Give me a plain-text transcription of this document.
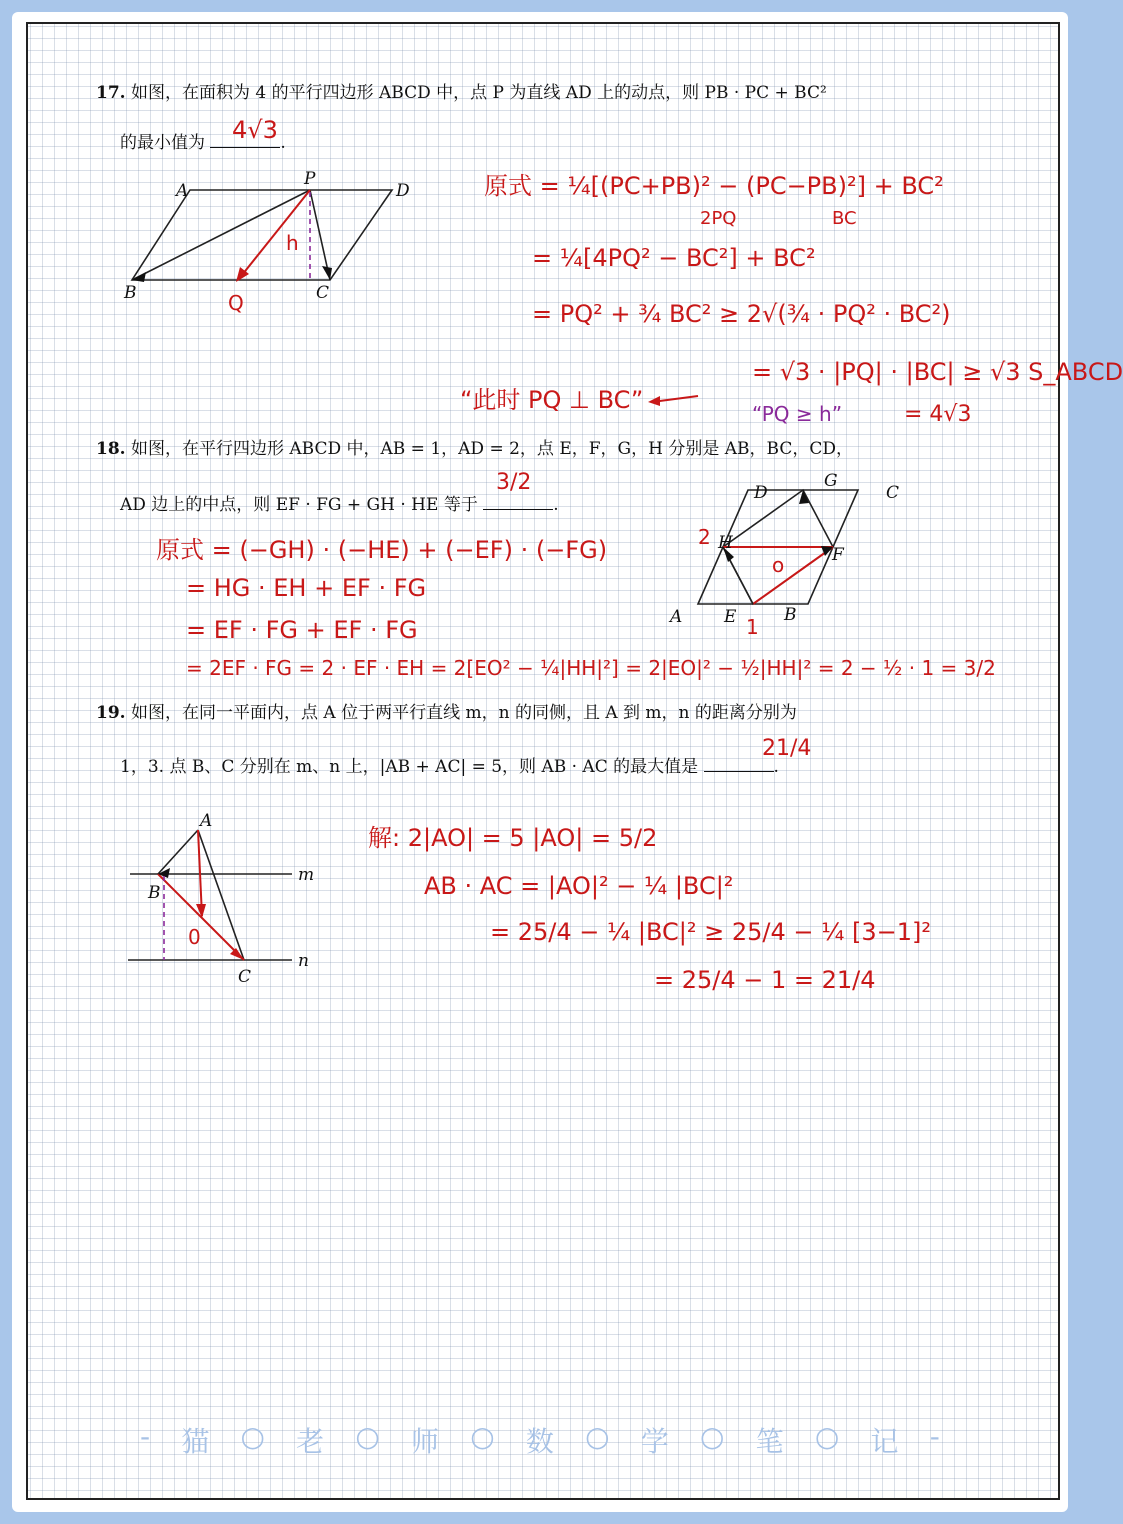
17. 如图，在面积为 4 的平行四边形 ABCD 中，点 P 为直线 AD 上的动点，则 PB · PC + BC²
的最小值为	.
4√3
A
P
D
B	C
Q
h
原式 = ¼[(PC+PB)² − (PC−PB)²] + BC²
2PQ	BC
= ¼[4PQ² − BC²] + BC²
= PQ² + ¾ BC² ≥ 2√(¾ · PQ² · BC²)
= √3 · |PQ| · |BC| ≥ √3 S_ABCD
“PQ ≥ h”	= 4√3
“此时 PQ ⊥ BC”
18. 如图，在平行四边形 ABCD 中，AB = 1，AD = 2，点 E，F，G，H 分别是 AB，BC，CD，
AD 边上的中点，则 EF · FG + GH · HE 等于	.
3/2	D
G
C
H
F
o
A E	B
2
1
原式 = (−GH) · (−HE) + (−EF) · (−FG)
= HG · EH + EF · FG
= EF · FG + EF · FG
= 2EF · FG = 2 · EF · EH = 2[EO² − ¼|HH|²] = 2|EO|² − ½|HH|² = 2 − ½ · 1 = 3/2
19. 如图，在同一平面内，点 A 位于两平行直线 m，n 的同侧，且 A 到 m，n 的距离分别为
1，3. 点 B、C 分别在 m、n 上，|AB + AC| = 5，则 AB · AC 的最大值是	.
21/4
A
B
C
m
n
0
解: 2|AO| = 5 |AO| = 5/2
AB · AC = |AO|² − ¼ |BC|²
= 25/4 − ¼ |BC|² ≥ 25/4 − ¼ [3−1]²
= 25/4 − 1 = 21/4
- 猫 ○ 老 ○ 师 ○ 数 ○ 学 ○ 笔 ○ 记 -
